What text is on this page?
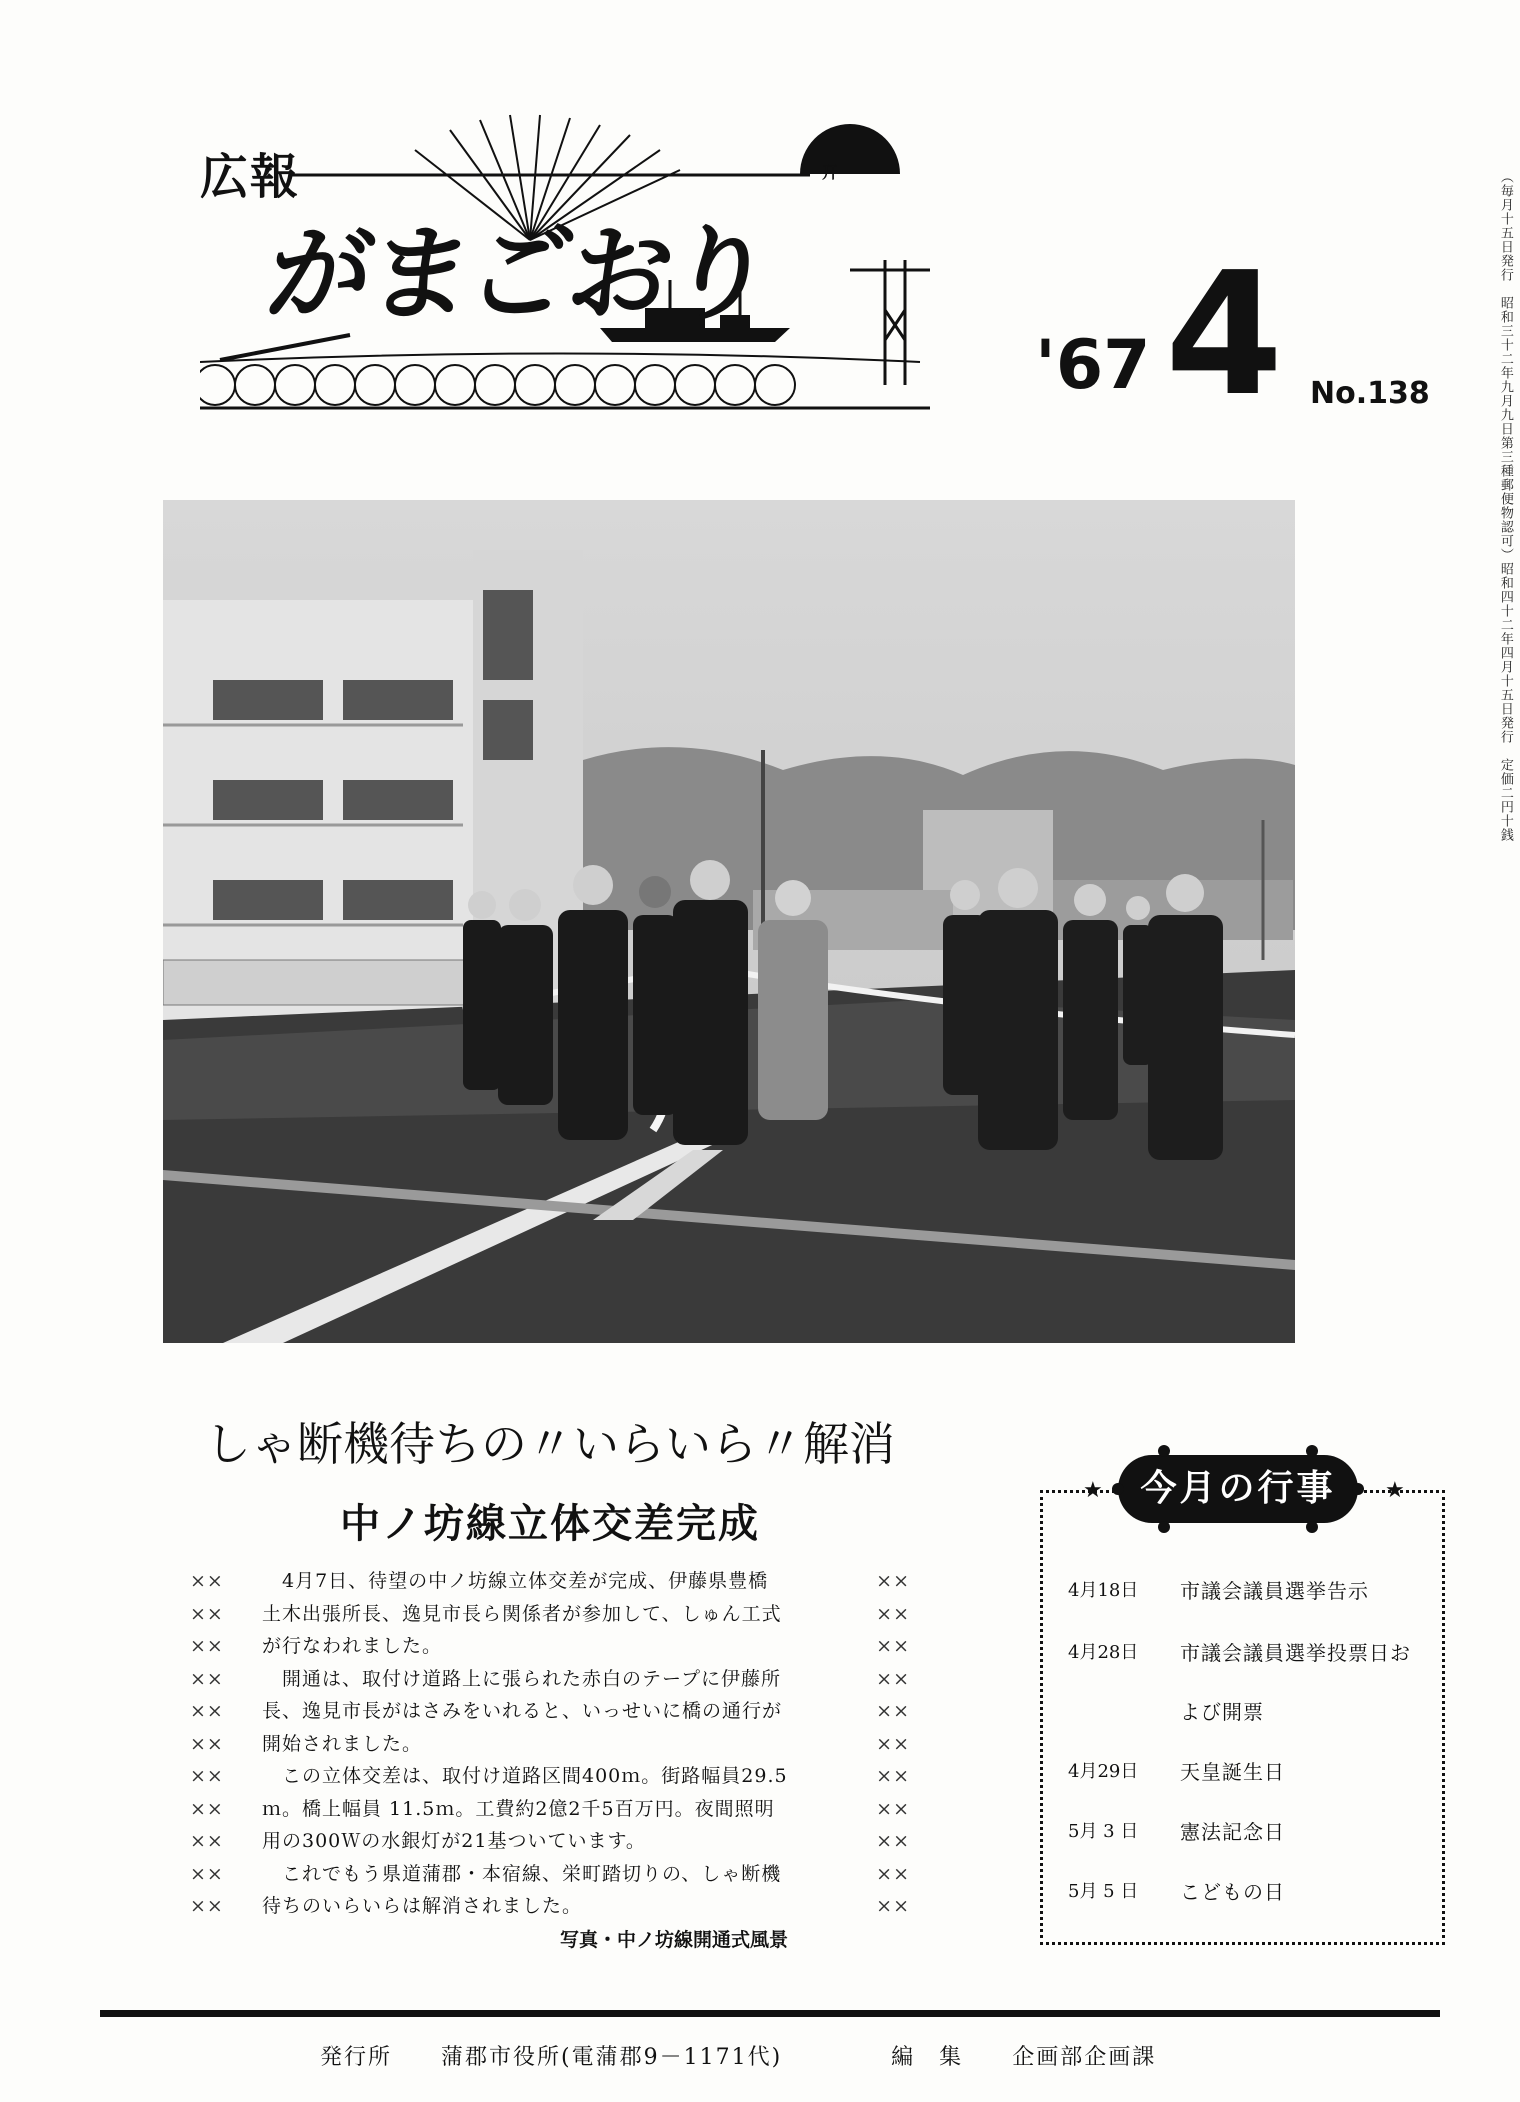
広報
がまごおり
幵
'67 4 No.138	（毎月十五日発行　昭和三十二年九月九日第三種郵便物認可）昭和四十二年四月十五日発行　定価二円十銭
しゃ断機待ちの〃いらいら〃解消
中ノ坊線立体交差完成
××	　4月7日、待望の中ノ坊線立体交差が完成、伊藤県豊橋	××
××	土木出張所長、逸見市長ら関係者が参加して、しゅん工式	××
××	が行なわれました。	××
××	　開通は、取付け道路上に張られた赤白のテープに伊藤所	××
××	長、逸見市長がはさみをいれると、いっせいに橋の通行が	××
××	開始されました。	××
××	　この立体交差は、取付け道路区間400ｍ。街路幅員29.5	××
××	ｍ。橋上幅員 11.5ｍ。工費約2億2千5百万円。夜間照明	××
××	用の300Ｗの水銀灯が21基ついています。	××
××	　これでもう県道蒲郡・本宿線、栄町踏切りの、しゃ断機	××
××	待ちのいらいらは解消されました。	××
写真・中ノ坊線開通式風景
★	★
今月の行事
4月18日 市議会議員選挙告示
4月28日 市議会議員選挙投票日お
よび開票
4月29日 天皇誕生日
5月 3 日 憲法記念日
5月 5 日 こどもの日
発行所 蒲郡市役所(電蒲郡9－1171代)	編　集 企画部企画課
